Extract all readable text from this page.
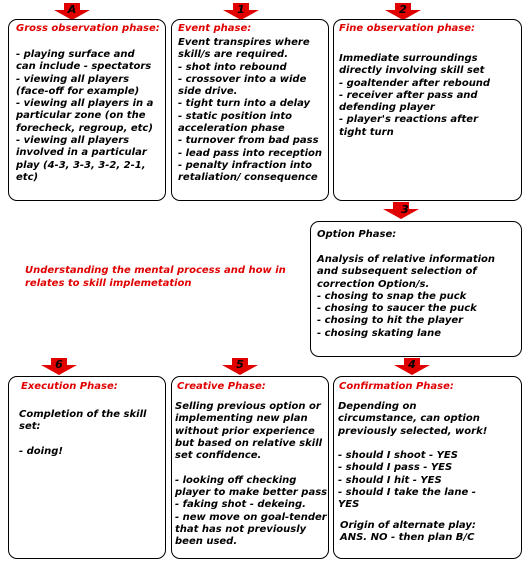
A	1	2
3
4
5
6
Gross observation phase:
- playing surface and
can include - spectators
- viewing all players
(face-off for example)
- viewing all players in a
particular zone (on the
forecheck, regroup, etc)
- viewing all players
involved in a particular
play (4-3, 3-3, 3-2, 2-1,
etc)
Event phase:
Event transpires where
skill/s are required.
- shot into rebound
- crossover into a wide
side drive.
- tight turn into a delay
- static position into
acceleration phase
- turnover from bad pass
- lead pass into reception
- penalty infraction into
retaliation/ consequence
Fine observation phase:
Immediate surroundings
directly involving skill set
- goaltender after rebound
- receiver after pass and
defending player
- player's reactions after
tight turn
Understanding the mental process and how in
relates to skill implemetation
Option Phase:
Analysis of relative information
and subsequent selection of
correction Option/s.
- chosing to snap the puck
- chosing to saucer the puck
- chosing to hit the player
- chosing skating lane
Execution Phase:
Completion of the skill
set:

- doing!
Creative Phase:
Selling previous option or
implementing new plan
without prior experience
but based on relative skill
set confidence.

- looking off checking
player to make better pass
- faking shot - dekeing.
- new move on goal-tender
that has not previously
been used.
Confirmation Phase:
Depending on
circumstance, can option
previously selected, work!

- should I shoot - YES
- should I pass - YES
- should I hit - YES
- should I take the lane -
YES
Origin of alternate play:
ANS. NO - then plan B/C
